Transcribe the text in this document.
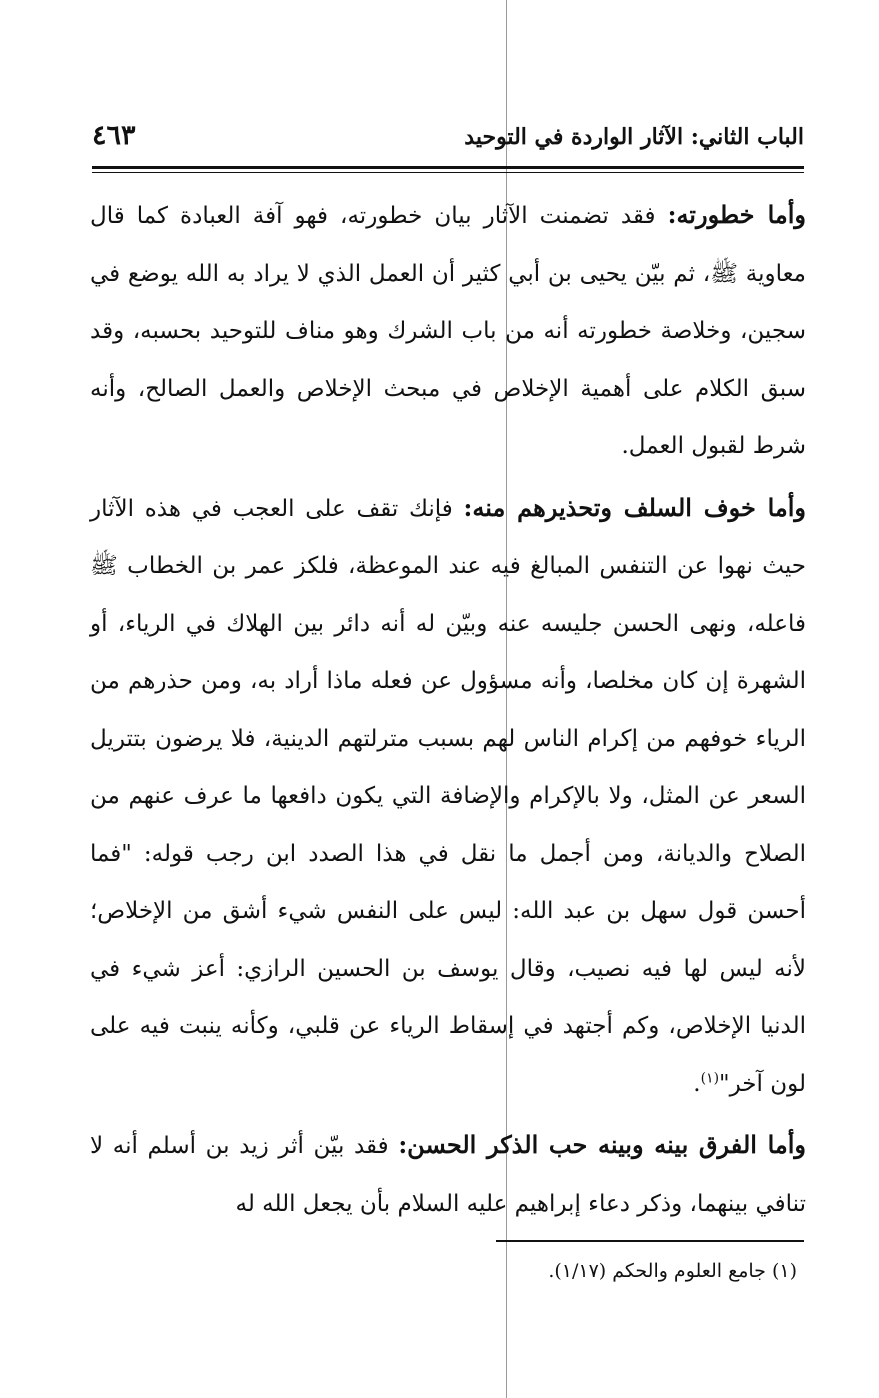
الباب الثاني: الآثار الواردة في التوحيد
٤٦٣

وأما خطورته: فقد تضمنت الآثار بيان خطورته، فهو آفة العبادة كما قال معاوية ﷺ، ثم بيّن يحيى بن أبي كثير أن العمل الذي لا يراد به الله يوضع في سجين، وخلاصة خطورته أنه من باب الشرك وهو مناف للتوحيد بحسبه، وقد سبق الكلام على أهمية الإخلاص في مبحث الإخلاص والعمل الصالح، وأنه شرط لقبول العمل.

وأما خوف السلف وتحذيرهم منه: فإنك تقف على العجب في هذه الآثار حيث نهوا عن التنفس المبالغ فيه عند الموعظة، فلكز عمر بن الخطاب ﷺ فاعله، ونهى الحسن جليسه عنه وبيّن له أنه دائر بين الهلاك في الرياء، أو الشهرة إن كان مخلصا، وأنه مسؤول عن فعله ماذا أراد به، ومن حذرهم من الرياء خوفهم من إكرام الناس لهم بسبب مترلتهم الدينية، فلا يرضون بتتريل السعر عن المثل، ولا بالإكرام والإضافة التي يكون دافعها ما عرف عنهم من الصلاح والديانة، ومن أجمل ما نقل في هذا الصدد ابن رجب قوله: "فما أحسن قول سهل بن عبد الله: ليس على النفس شيء أشق من الإخلاص؛ لأنه ليس لها فيه نصيب، وقال يوسف بن الحسين الرازي: أعز شيء في الدنيا الإخلاص، وكم أجتهد في إسقاط الرياء عن قلبي، وكأنه ينبت فيه على لون آخر"$^{(١)}$.

وأما الفرق بينه وبينه حب الذكر الحسن: فقد بيّن أثر زيد بن أسلم أنه لا تنافي بينهما، وذكر دعاء إبراهيم عليه السلام بأن يجعل الله له

(١) جامع العلوم والحكم (١/١٧).
